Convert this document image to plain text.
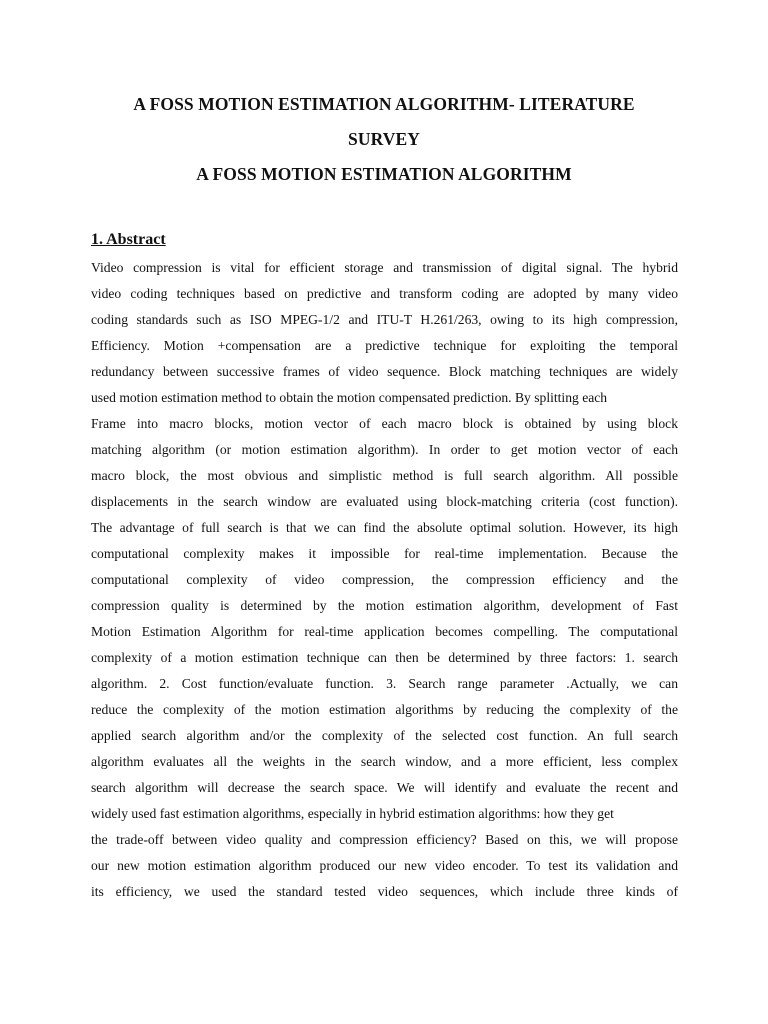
A FOSS MOTION ESTIMATION ALGORITHM- LITERATURE
SURVEY
A FOSS MOTION ESTIMATION ALGORITHM
1. Abstract
Video compression is vital for efficient storage and transmission of digital signal. The hybrid
video coding techniques based on predictive and transform coding are adopted by many video
coding standards such as ISO MPEG-1/2 and ITU-T H.261/263, owing to its high compression,
Efficiency. Motion +compensation are a predictive technique for exploiting the temporal
redundancy between successive frames of video sequence. Block matching techniques are widely
used motion estimation method to obtain the motion compensated prediction. By splitting each
Frame into macro blocks, motion vector of each macro block is obtained by using block
matching algorithm (or motion estimation algorithm). In order to get motion vector of each
macro block, the most obvious and simplistic method is full search algorithm. All possible
displacements in the search window are evaluated using block-matching criteria (cost function).
The advantage of full search is that we can find the absolute optimal solution. However, its high
computational complexity makes it impossible for real-time implementation. Because the
computational complexity of video compression, the compression efficiency and the
compression quality is determined by the motion estimation algorithm, development of Fast
Motion Estimation Algorithm for real-time application becomes compelling. The computational
complexity of a motion estimation technique can then be determined by three factors: 1. search
algorithm. 2. Cost function/evaluate function. 3. Search range parameter .Actually, we can
reduce the complexity of the motion estimation algorithms by reducing the complexity of the
applied search algorithm and/or the complexity of the selected cost function. An full search
algorithm evaluates all the weights in the search window, and a more efficient, less complex
search algorithm will decrease the search space. We will identify and evaluate the recent and
widely used fast estimation algorithms, especially in hybrid estimation algorithms: how they get
the trade-off between video quality and compression efficiency? Based on this, we will propose
our new motion estimation algorithm produced our new video encoder. To test its validation and
its efficiency, we used the standard tested video sequences, which include three kinds of
